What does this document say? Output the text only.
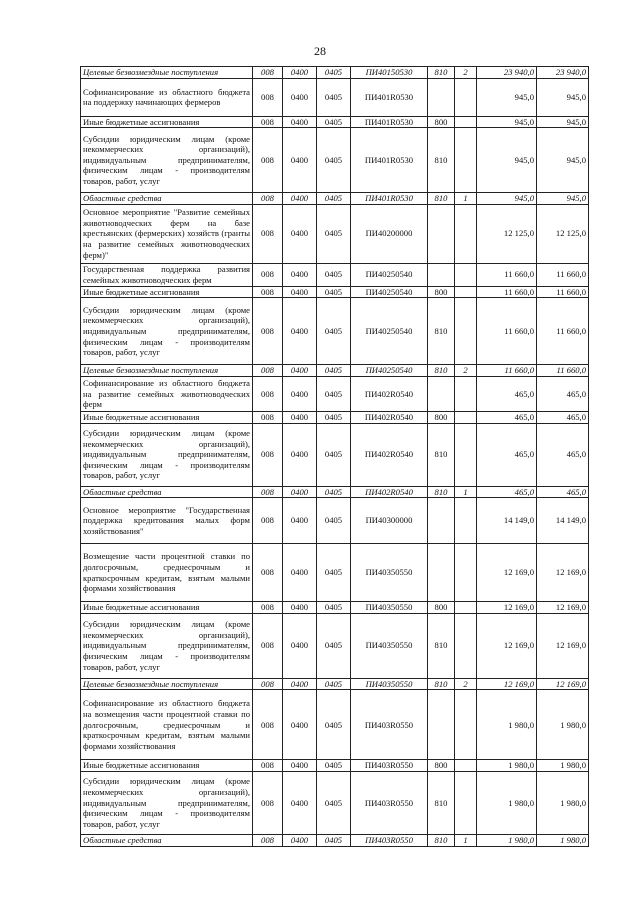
28
Целевые безвозмездные поступления	008	0400	0405	ПИ40150530	810	2	23 940,0	23 940,0
Софинансирование из областного бюджета на поддержку начинающих фермеров	008	0400	0405	ПИ401R0530			945,0	945,0
Иные бюджетные ассигнования	008	0400	0405	ПИ401R0530	800		945,0	945,0
Субсидии юридическим лицам (кроме некоммерческих организаций), индивидуальным предпринимателям, физическим лицам - производителям товаров, работ, услуг	008	0400	0405	ПИ401R0530	810		945,0	945,0
Областные средства	008	0400	0405	ПИ401R0530	810	1	945,0	945,0
Основное мероприятие "Развитие семейных животноводческих ферм на базе крестьянских (фермерских) хозяйств (гранты на развитие семейных животноводческих ферм)"	008	0400	0405	ПИ40200000			12 125,0	12 125,0
Государственная поддержка развития семейных животноводческих ферм	008	0400	0405	ПИ40250540			11 660,0	11 660,0
Иные бюджетные ассигнования	008	0400	0405	ПИ40250540	800		11 660,0	11 660,0
Субсидии юридическим лицам (кроме некоммерческих организаций), индивидуальным предпринимателям, физическим лицам - производителям товаров, работ, услуг	008	0400	0405	ПИ40250540	810		11 660,0	11 660,0
Целевые безвозмездные поступления	008	0400	0405	ПИ40250540	810	2	11 660,0	11 660,0
Софинансирование из областного бюджета на развитие семейных животноводческих ферм	008	0400	0405	ПИ402R0540			465,0	465,0
Иные бюджетные ассигнования	008	0400	0405	ПИ402R0540	800		465,0	465,0
Субсидии юридическим лицам (кроме некоммерческих организаций), индивидуальным предпринимателям, физическим лицам - производителям товаров, работ, услуг	008	0400	0405	ПИ402R0540	810		465,0	465,0
Областные средства	008	0400	0405	ПИ402R0540	810	1	465,0	465,0
Основное мероприятие "Государственная поддержка кредитования малых форм хозяйствования"	008	0400	0405	ПИ40300000			14 149,0	14 149,0
Возмещение части процентной ставки по долгосрочным, среднесрочным и краткосрочным кредитам, взятым малыми формами хозяйствования	008	0400	0405	ПИ40350550			12 169,0	12 169,0
Иные бюджетные ассигнования	008	0400	0405	ПИ40350550	800		12 169,0	12 169,0
Субсидии юридическим лицам (кроме некоммерческих организаций), индивидуальным предпринимателям, физическим лицам - производителям товаров, работ, услуг	008	0400	0405	ПИ40350550	810		12 169,0	12 169,0
Целевые безвозмездные поступления	008	0400	0405	ПИ40350550	810	2	12 169,0	12 169,0
Софинансирование из областного бюджета на возмещения части процентной ставки по долгосрочным, среднесрочным и краткосрочным кредитам, взятым малыми формами хозяйствования	008	0400	0405	ПИ403R0550			1 980,0	1 980,0
Иные бюджетные ассигнования	008	0400	0405	ПИ403R0550	800		1 980,0	1 980,0
Субсидии юридическим лицам (кроме некоммерческих организаций), индивидуальным предпринимателям, физическим лицам - производителям товаров, работ, услуг	008	0400	0405	ПИ403R0550	810		1 980,0	1 980,0
Областные средства	008	0400	0405	ПИ403R0550	810	1	1 980,0	1 980,0
